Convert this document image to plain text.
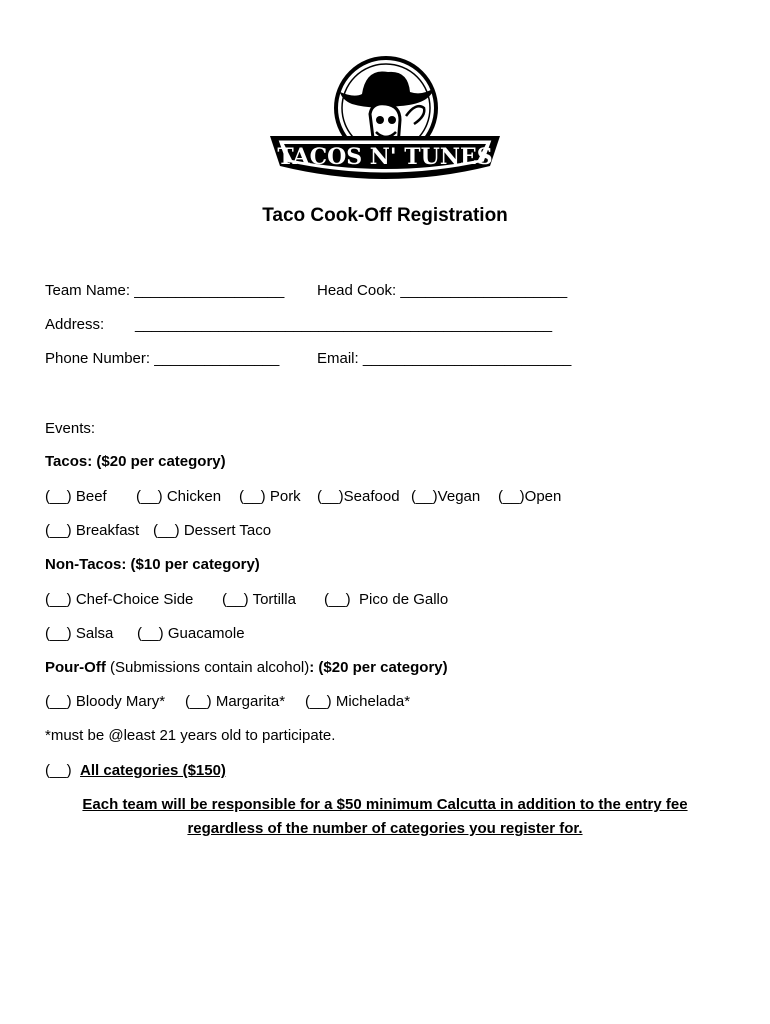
TACOS N' TUNES
Taco Cook-Off Registration
Team Name: __________________ Head Cook: ____________________
Address: __________________________________________________
Phone Number: _______________	Email: _________________________
Events:
Tacos: ($20 per category)
(__) Beef (__) Chicken (__) Pork (__)Seafood (__)Vegan (__)Open
(__) Breakfast (__) Dessert Taco
Non-Tacos: ($10 per category)
(__) Chef-Choice Side (__) Tortilla (__)  Pico de Gallo
(__) Salsa (__) Guacamole
Pour-Off (Submissions contain alcohol): ($20 per category)
(__) Bloody Mary* (__) Margarita* (__) Michelada*
*must be @least 21 years old to participate.
(__) All categories ($150)
Each team will be responsible for a $50 minimum Calcutta in addition to the entry fee
regardless of the number of categories you register for.
